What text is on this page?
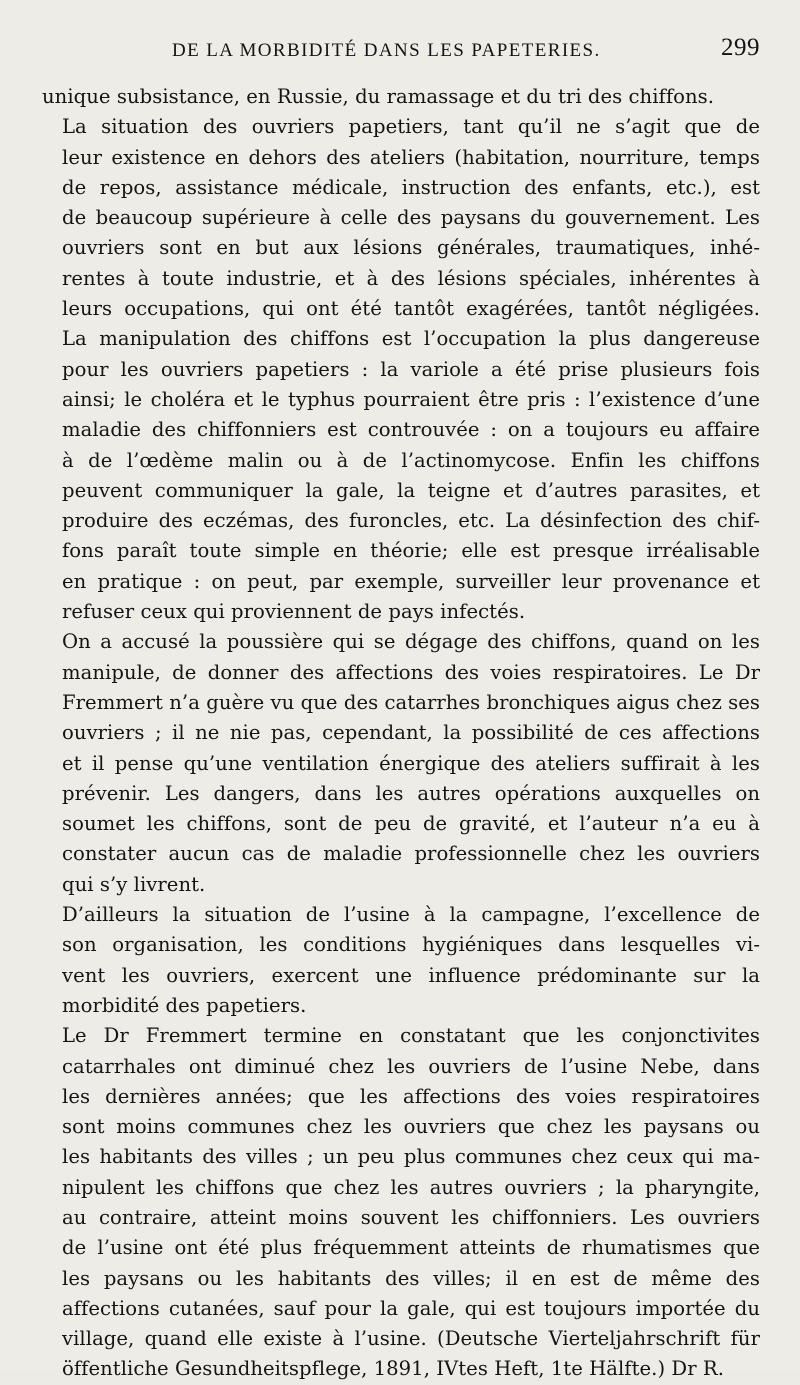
DE LA MORBIDITÉ DANS LES PAPETERIES.	299

unique subsistance, en Russie, du ramassage et du tri des chiffons.

La situation des ouvriers papetiers, tant qu’il ne s’agit que de
leur existence en dehors des ateliers (habitation, nourriture, temps
de repos, assistance médicale, instruction des enfants, etc.), est
de beaucoup supérieure à celle des paysans du gouvernement. Les
ouvriers sont en but aux lésions générales, traumatiques, inhé-
rentes à toute industrie, et à des lésions spéciales, inhérentes à
leurs occupations, qui ont été tantôt exagérées, tantôt négligées.
La manipulation des chiffons est l’occupation la plus dangereuse
pour les ouvriers papetiers : la variole a été prise plusieurs fois
ainsi; le choléra et le typhus pourraient être pris : l’existence d’une
maladie des chiffonniers est controuvée : on a toujours eu affaire
à de l’œdème malin ou à de l’actinomycose. Enfin les chiffons
peuvent communiquer la gale, la teigne et d’autres parasites, et
produire des eczémas, des furoncles, etc. La désinfection des chif-
fons paraît toute simple en théorie; elle est presque irréalisable
en pratique : on peut, par exemple, surveiller leur provenance et
refuser ceux qui proviennent de pays infectés.

On a accusé la poussière qui se dégage des chiffons, quand on les
manipule, de donner des affections des voies respiratoires. Le Dr
Fremmert n’a guère vu que des catarrhes bronchiques aigus chez ses
ouvriers ; il ne nie pas, cependant, la possibilité de ces affections
et il pense qu’une ventilation énergique des ateliers suffirait à les
prévenir. Les dangers, dans les autres opérations auxquelles on
soumet les chiffons, sont de peu de gravité, et l’auteur n’a eu à
constater aucun cas de maladie professionnelle chez les ouvriers
qui s’y livrent.

D’ailleurs la situation de l’usine à la campagne, l’excellence de
son organisation, les conditions hygiéniques dans lesquelles vi-
vent les ouvriers, exercent une influence prédominante sur la
morbidité des papetiers.

Le Dr Fremmert termine en constatant que les conjonctivites
catarrhales ont diminué chez les ouvriers de l’usine Nebe, dans
les dernières années; que les affections des voies respiratoires
sont moins communes chez les ouvriers que chez les paysans ou
les habitants des villes ; un peu plus communes chez ceux qui ma-
nipulent les chiffons que chez les autres ouvriers ; la pharyngite,
au contraire, atteint moins souvent les chiffonniers. Les ouvriers
de l’usine ont été plus fréquemment atteints de rhumatismes que
les paysans ou les habitants des villes; il en est de même des
affections cutanées, sauf pour la gale, qui est toujours importée du
village, quand elle existe à l’usine. (Deutsche Vierteljahrschrift für
öffentliche Gesundheitspflege, 1891, IVtes Heft, 1te Hälfte.) Dr R.
